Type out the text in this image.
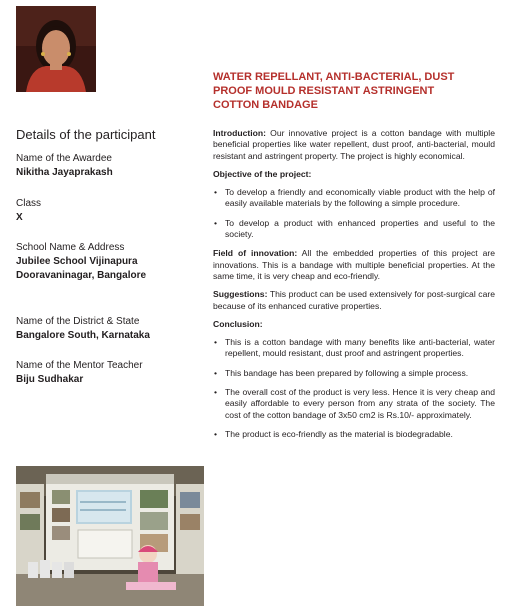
Details of the participant
Name of the Awardee
Nikitha Jayaprakash
Class
X
School Name & Address
Jubilee School Vijinapura
Dooravaninagar, Bangalore
Name of the District & State
Bangalore South, Karnataka
Name of the Mentor Teacher
Biju Sudhakar
WATER REPELLANT, ANTI-BACTERIAL, DUST
PROOF MOULD RESISTANT ASTRINGENT
COTTON BANDAGE

Introduction: Our innovative project is a cotton bandage with multiple beneficial properties like water repellent, dust proof, anti-bacterial, mould resistant and astringent property. The project is highly economical.

Objective of the project:
• To develop a friendly and economically viable product with the help of easily available materials by the following a simple procedure.
• To develop a product with enhanced properties and useful to the society.

Field of innovation: All the embedded properties of this project are innovations. This is a bandage with multiple beneficial properties. At the same time, it is very cheap and eco-friendly.

Suggestions: This product can be used extensively for post-surgical care because of its enhanced curative properties.

Conclusion:
• This is a cotton bandage with many benefits like anti-bacterial, water repellent, mould resistant, dust proof and astringent properties.
• This bandage has been prepared by following a simple process.
• The overall cost of the product is very less. Hence it is very cheap and easily affordable to every person from any strata of the society. The cost of the cotton bandage of 3x50 cm2 is Rs.10/- approximately.
• The product is eco-friendly as the material is biodegradable.
